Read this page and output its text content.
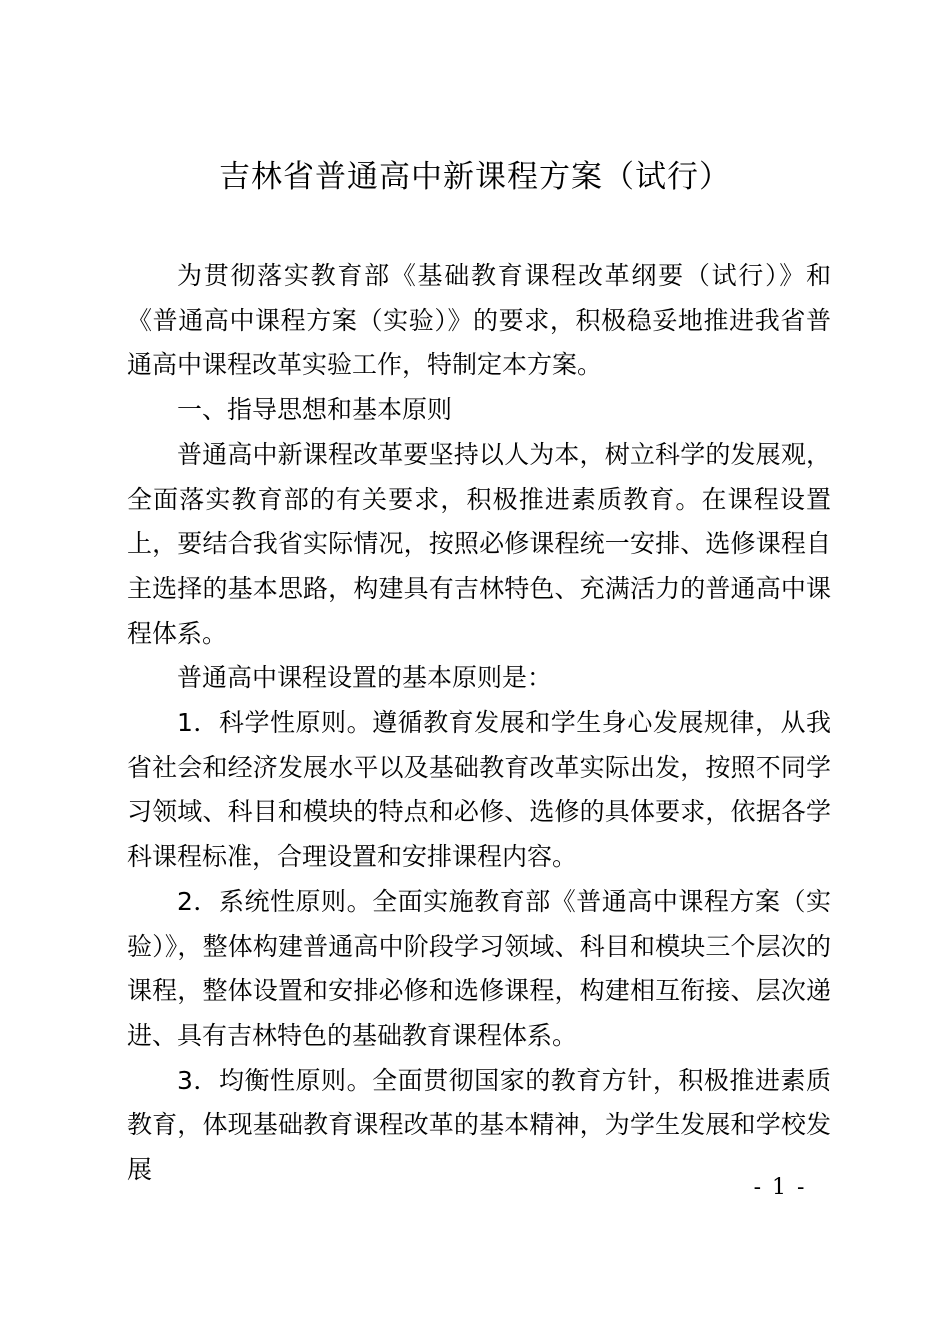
吉林省普通高中新课程方案（试行）

为贯彻落实教育部《基础教育课程改革纲要（试行）》和《普通高中课程方案（实验）》的要求，积极稳妥地推进我省普通高中课程改革实验工作，特制定本方案。

一、指导思想和基本原则

普通高中新课程改革要坚持以人为本，树立科学的发展观，全面落实教育部的有关要求，积极推进素质教育。在课程设置上，要结合我省实际情况，按照必修课程统一安排、选修课程自主选择的基本思路，构建具有吉林特色、充满活力的普通高中课程体系。

普通高中课程设置的基本原则是：

1．科学性原则。遵循教育发展和学生身心发展规律，从我省社会和经济发展水平以及基础教育改革实际出发，按照不同学习领域、科目和模块的特点和必修、选修的具体要求，依据各学科课程标准，合理设置和安排课程内容。

2．系统性原则。全面实施教育部《普通高中课程方案（实验）》，整体构建普通高中阶段学习领域、科目和模块三个层次的课程，整体设置和安排必修和选修课程，构建相互衔接、层次递进、具有吉林特色的基础教育课程体系。

3．均衡性原则。全面贯彻国家的教育方针，积极推进素质教育，体现基础教育课程改革的基本精神，为学生发展和学校发展

- 1 -
